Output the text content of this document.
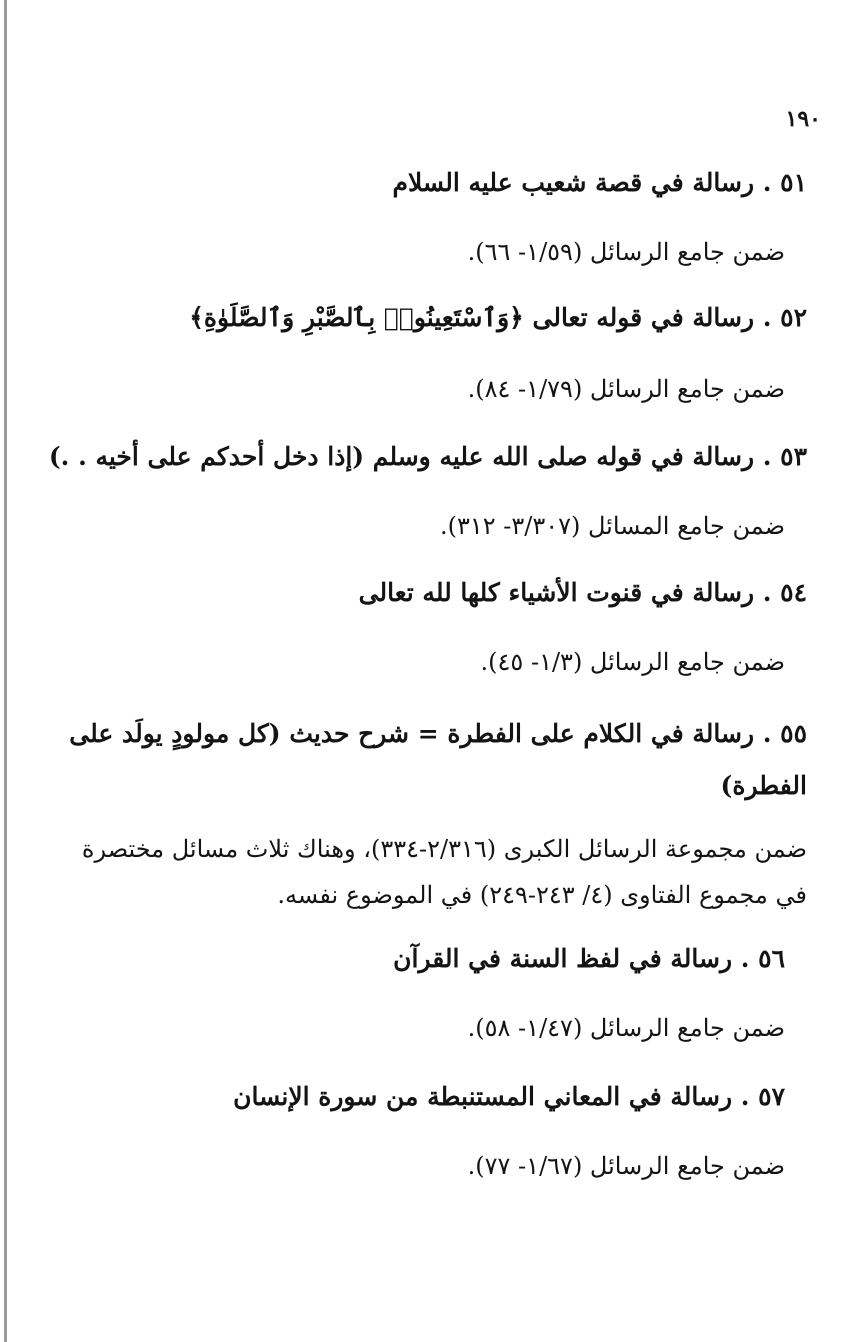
١٩٠
٥١ . رسالة في قصة شعيب عليه السلام
ضمن جامع الرسائل (١/٥٩- ٦٦).
٥٢ . رسالة في قوله تعالى ﴿وَٱسْتَعِينُوا۟ بِٱلصَّبْرِ وَٱلصَّلَوٰةِ﴾
ضمن جامع الرسائل (١/٧٩- ٨٤).
٥٣ . رسالة في قوله صلى الله عليه وسلم (إذا دخل أحدكم على أخيه . .)
ضمن جامع المسائل (٣/٣٠٧- ٣١٢).
٥٤ . رسالة في قنوت الأشياء كلها لله تعالى
ضمن جامع الرسائل (١/٣- ٤٥).
٥٥ . رسالة في الكلام على الفطرة = شرح حديث (كل مولودٍ يولَد على الفطرة)
ضمن مجموعة الرسائل الكبرى (٢/٣١٦-٣٣٤)، وهناك ثلاث مسائل مختصرة في مجموع الفتاوى (٤/ ٢٤٣-٢٤٩) في الموضوع نفسه.
٥٦ . رسالة في لفظ السنة في القرآن
ضمن جامع الرسائل (١/٤٧- ٥٨).
٥٧ . رسالة في المعاني المستنبطة من سورة الإنسان
ضمن جامع الرسائل (١/٦٧- ٧٧).
